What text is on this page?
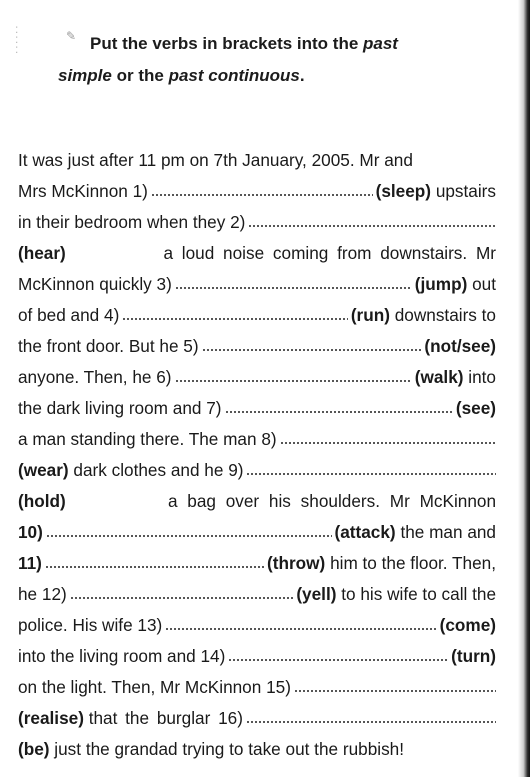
:
:
:
✎ Put the verbs in brackets into the past
simple or the past continuous.
It was just after 11 pm on 7th January, 2005. Mr and
Mrs McKinnon 1)	(sleep)
upstairs
in their bedroom when they 2)
(hear)	a loud noise coming from downstairs. Mr
McKinnon quickly 3)	(jump)
out
of bed and 4)	(run)
downstairs to
the front door. But he 5)	(not/see)
anyone. Then, he 6)	(walk)
into
the dark living room and 7)	(see)
a man standing there. The man 8)
(wear)
dark clothes and he 9)
(hold)	a bag over his shoulders. Mr McKinnon
10)	(attack)
the man and
11)	(throw)
him to the floor. Then,
he 12)	(yell)
to his wife to call the
police. His wife 13)	(come)
into the living room and 14)	(turn)
on the light. Then, Mr McKinnon 15)
(realise)
that the burglar 16)
(be)
just the grandad trying to take out the rubbish!
